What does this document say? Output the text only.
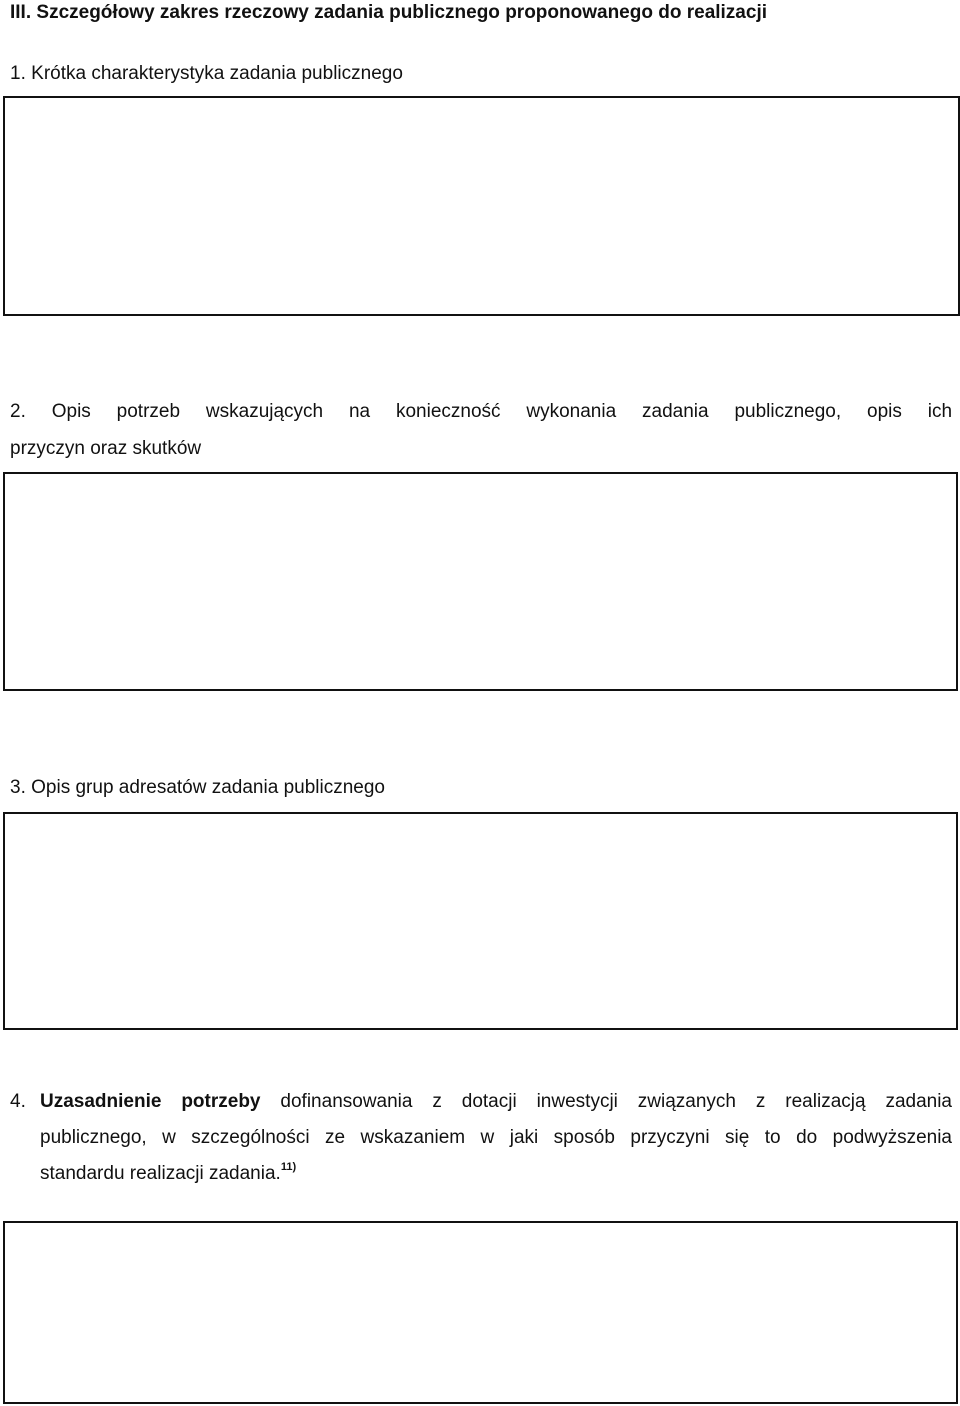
III. Szczegółowy zakres rzeczowy zadania publicznego proponowanego do realizacji
1. Krótka charakterystyka zadania publicznego
2. Opis potrzeb wskazujących na konieczność wykonania zadania publicznego, opis ich
przyczyn oraz skutków
3. Opis grup adresatów zadania publicznego
4. Uzasadnienie potrzeby dofinansowania z dotacji inwestycji związanych z realizacją zadania
publicznego, w szczególności ze wskazaniem w jaki sposób przyczyni się to do podwyższenia
standardu realizacji zadania.$^{11)}$
